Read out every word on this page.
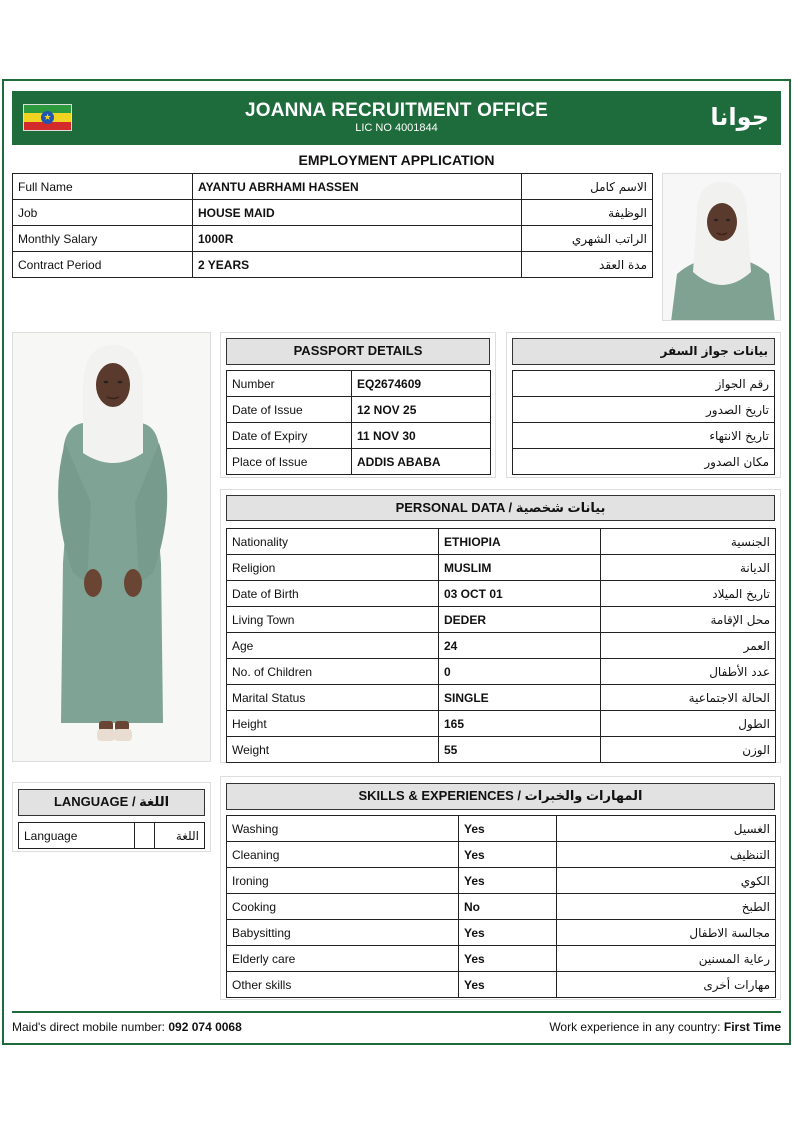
★	JOANNA RECRUITMENT OFFICE
LIC NO 4001844	جوانا
EMPLOYMENT APPLICATION
Full Name	AYANTU ABRHAMI HASSEN	الاسم كامل
Job	HOUSE MAID	الوظيفة
Monthly Salary	1000R	الراتب الشهري
Contract Period	2 YEARS	مدة العقد
PASSPORT DETAILS
Number	EQ2674609
Date of Issue	12 NOV 25
Date of Expiry	11 NOV 30
Place of Issue	ADDIS ABABA
بيانات جواز السفر
رقم الجواز
تاريخ الصدور
تاريخ الانتهاء
مكان الصدور
PERSONAL DATA / بيانات شخصية
Nationality	ETHIOPIA	الجنسية
Religion	MUSLIM	الديانة
Date of Birth	03 OCT 01	تاريخ الميلاد
Living Town	DEDER	محل الإقامة
Age	24	العمر
No. of Children	0	عدد الأطفال
Marital Status	SINGLE	الحالة الاجتماعية
Height	165	الطول
Weight	55	الوزن
LANGUAGE / اللغة
Language		اللغة
SKILLS & EXPERIENCES / المهارات والخبرات
Washing	Yes	الغسيل
Cleaning	Yes	التنظيف
Ironing	Yes	الكوي
Cooking	No	الطبخ
Babysitting	Yes	مجالسة الاطفال
Elderly care	Yes	رعاية المسنين
Other skills	Yes	مهارات أخرى
Maid's direct mobile number: 092 074 0068	Work experience in any country: First Time
